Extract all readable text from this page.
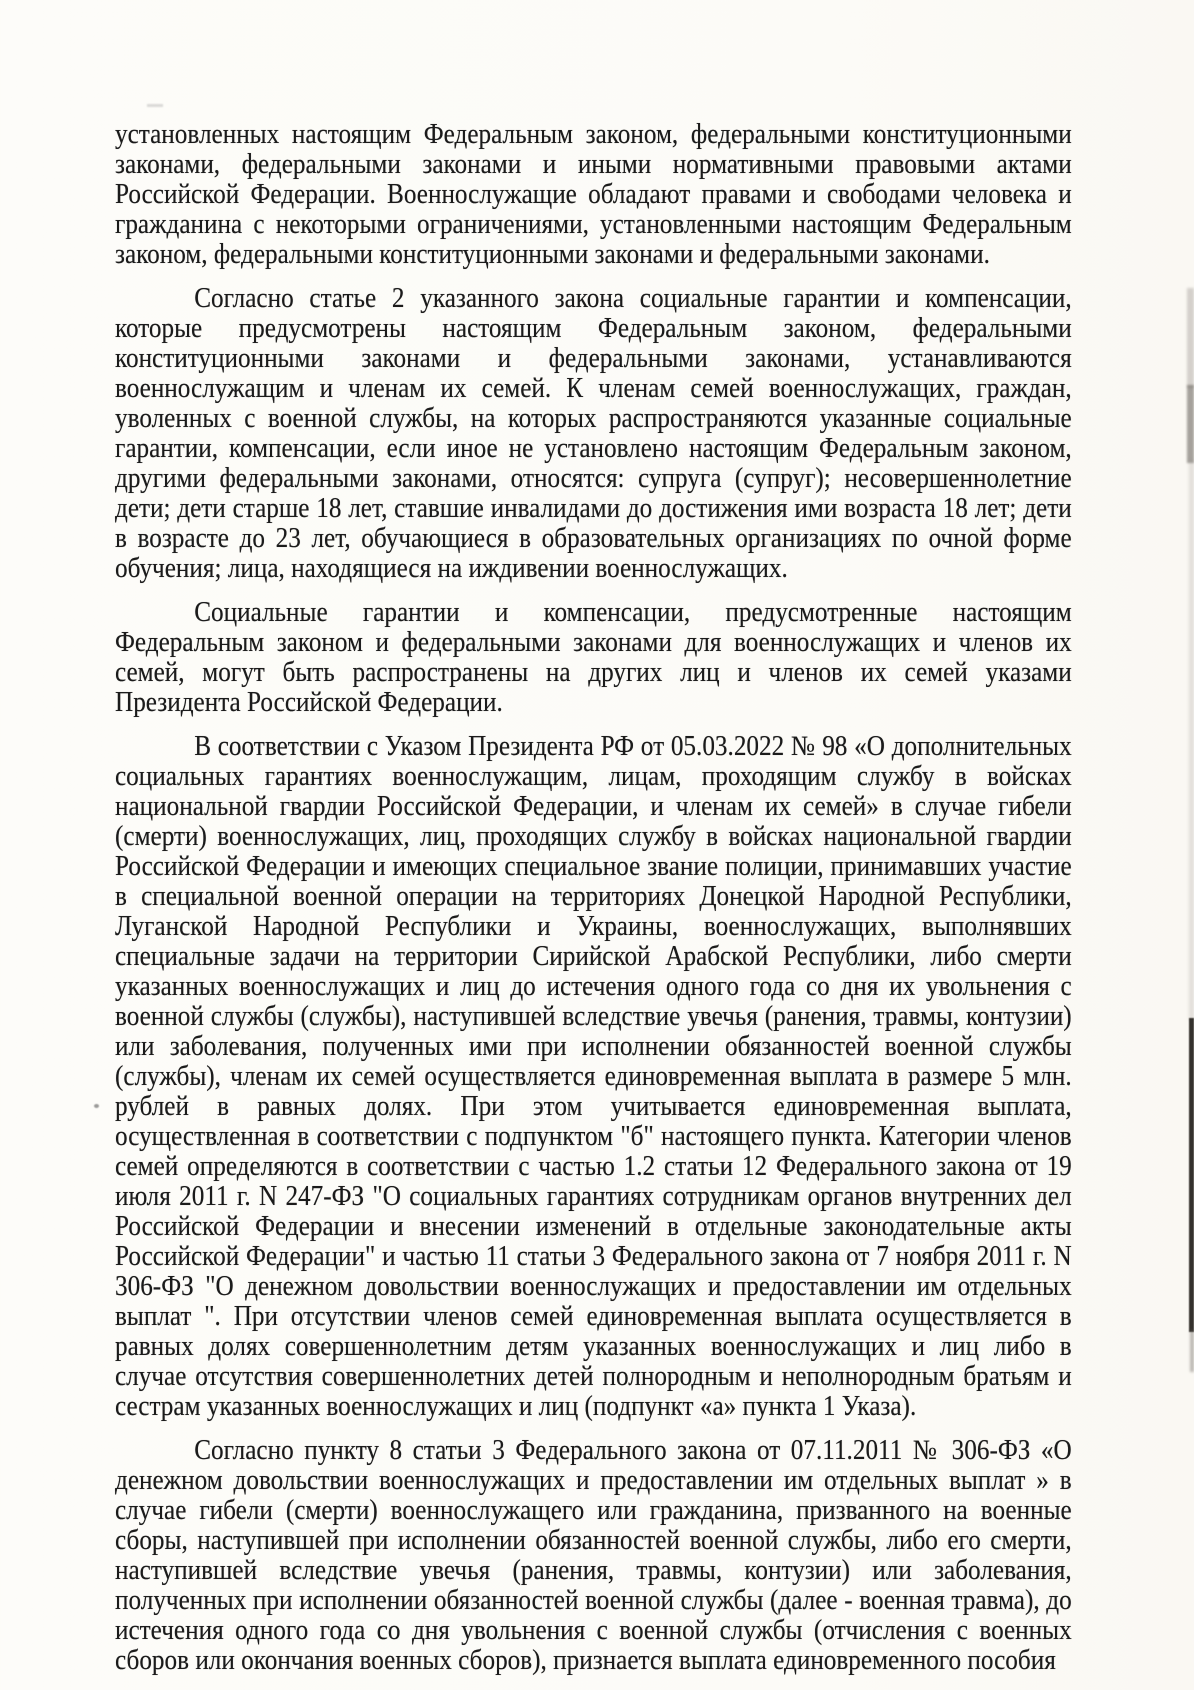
установленных настоящим Федеральным законом, федеральными конституционными законами, федеральными законами и иными нормативными правовыми актами Российской Федерации. Военнослужащие обладают правами и свободами человека и гражданина с некоторыми ограничениями, установленными настоящим Федеральным законом, федеральными конституционными законами и федеральными законами.

Согласно статье 2 указанного закона социальные гарантии и компенсации, которые предусмотрены настоящим Федеральным законом, федеральными конституционными законами и федеральными законами, устанавливаются военнослужащим и членам их семей. К членам семей военнослужащих, граждан, уволенных с военной службы, на которых распространяются указанные социальные гарантии, компенсации, если иное не установлено настоящим Федеральным законом, другими федеральными законами, относятся: супруга (супруг); несовершеннолетние дети; дети старше 18 лет, ставшие инвалидами до достижения ими возраста 18 лет; дети в возрасте до 23 лет, обучающиеся в образовательных организациях по очной форме обучения; лица, находящиеся на иждивении военнослужащих.

Социальные гарантии и компенсации, предусмотренные настоящим Федеральным законом и федеральными законами для военнослужащих и членов их семей, могут быть распространены на других лиц и членов их семей указами Президента Российской Федерации.

В соответствии с Указом Президента РФ от 05.03.2022 № 98 «О дополнительных социальных гарантиях военнослужащим, лицам, проходящим службу в войсках национальной гвардии Российской Федерации, и членам их семей» в случае гибели (смерти) военнослужащих, лиц, проходящих службу в войсках национальной гвардии Российской Федерации и имеющих специальное звание полиции, принимавших участие в специальной военной операции на территориях Донецкой Народной Республики, Луганской Народной Республики и Украины, военнослужащих, выполнявших специальные задачи на территории Сирийской Арабской Республики, либо смерти указанных военнослужащих и лиц до истечения одного года со дня их увольнения с военной службы (службы), наступившей вследствие увечья (ранения, травмы, контузии) или заболевания, полученных ими при исполнении обязанностей военной службы (службы), членам их семей осуществляется единовременная выплата в размере 5 млн. рублей в равных долях. При этом учитывается единовременная выплата, осуществленная в соответствии с подпунктом "б" настоящего пункта. Категории членов семей определяются в соответствии с частью 1.2 статьи 12 Федерального закона от 19 июля 2011 г. N 247-ФЗ "О социальных гарантиях сотрудникам органов внутренних дел Российской Федерации и внесении изменений в отдельные законодательные акты Российской Федерации" и частью 11 статьи 3 Федерального закона от 7 ноября 2011 г. N 306-ФЗ "О денежном довольствии военнослужащих и предоставлении им отдельных выплат ". При отсутствии членов семей единовременная выплата осуществляется в равных долях совершеннолетним детям указанных военнослужащих и лиц либо в случае отсутствия совершеннолетних детей полнородным и неполнородным братьям и сестрам указанных военнослужащих и лиц (подпункт «а» пункта 1 Указа).

Согласно пункту 8 статьи 3 Федерального закона от 07.11.2011 № 306-ФЗ «О денежном довольствии военнослужащих и предоставлении им отдельных выплат » в случае гибели (смерти) военнослужащего или гражданина, призванного на военные сборы, наступившей при исполнении обязанностей военной службы, либо его смерти, наступившей вследствие увечья (ранения, травмы, контузии) или заболевания, полученных при исполнении обязанностей военной службы (далее - военная травма), до истечения одного года со дня увольнения с военной службы (отчисления с военных сборов или окончания военных сборов), признается выплата единовременного пособия
